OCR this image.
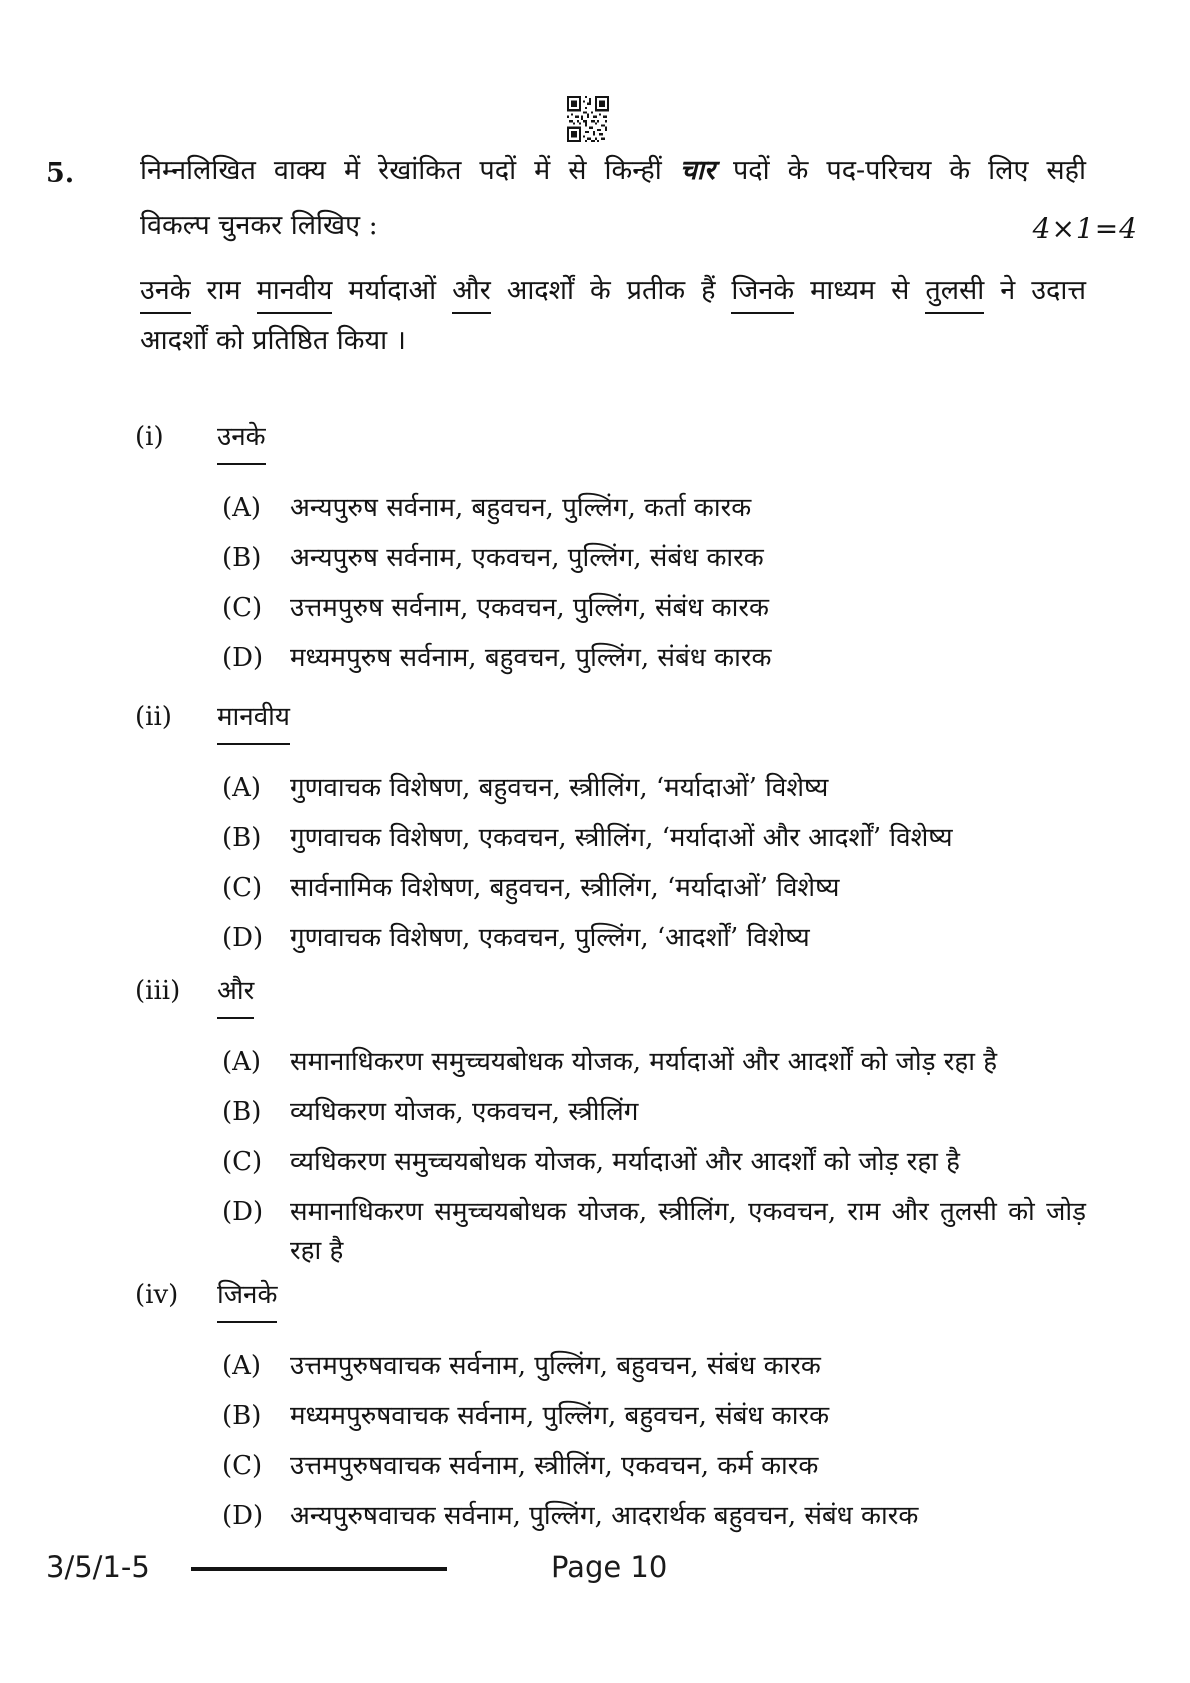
5. निम्नलिखित वाक्य में रेखांकित पदों में से किन्हीं चार पदों के पद-परिचय के लिए सही
विकल्प चुनकर लिखिए :	4×1=4
उनके राम मानवीय मर्यादाओं और आदर्शों के प्रतीक हैं जिनके माध्यम से तुलसी ने उदात्त
आदर्शों को प्रतिष्ठित किया ।
(i)	उनके
(A)	अन्यपुरुष सर्वनाम, बहुवचन, पुल्लिंग, कर्ता कारक
(B)	अन्यपुरुष सर्वनाम, एकवचन, पुल्लिंग, संबंध कारक
(C)	उत्तमपुरुष सर्वनाम, एकवचन, पुल्लिंग, संबंध कारक
(D)	मध्यमपुरुष सर्वनाम, बहुवचन, पुल्लिंग, संबंध कारक
(ii)	मानवीय
(A)	गुणवाचक विशेषण, बहुवचन, स्त्रीलिंग, ‘मर्यादाओं’ विशेष्य
(B)	गुणवाचक विशेषण, एकवचन, स्त्रीलिंग, ‘मर्यादाओं और आदर्शों’ विशेष्य
(C)	सार्वनामिक विशेषण, बहुवचन, स्त्रीलिंग, ‘मर्यादाओं’ विशेष्य
(D)	गुणवाचक विशेषण, एकवचन, पुल्लिंग, ‘आदर्शों’ विशेष्य
(iii)	और
(A)	समानाधिकरण समुच्चयबोधक योजक, मर्यादाओं और आदर्शों को जोड़ रहा है
(B)	व्यधिकरण योजक, एकवचन, स्त्रीलिंग
(C)	व्यधिकरण समुच्चयबोधक योजक, मर्यादाओं और आदर्शों को जोड़ रहा है
(D)	समानाधिकरण समुच्चयबोधक योजक, स्त्रीलिंग, एकवचन, राम और तुलसी को जोड़ रहा है
(iv)	जिनके
(A)	उत्तमपुरुषवाचक सर्वनाम, पुल्लिंग, बहुवचन, संबंध कारक
(B)	मध्यमपुरुषवाचक सर्वनाम, पुल्लिंग, बहुवचन, संबंध कारक
(C)	उत्तमपुरुषवाचक सर्वनाम, स्त्रीलिंग, एकवचन, कर्म कारक
(D)	अन्यपुरुषवाचक सर्वनाम, पुल्लिंग, आदरार्थक बहुवचन, संबंध कारक
3/5/1-5	Page 10
